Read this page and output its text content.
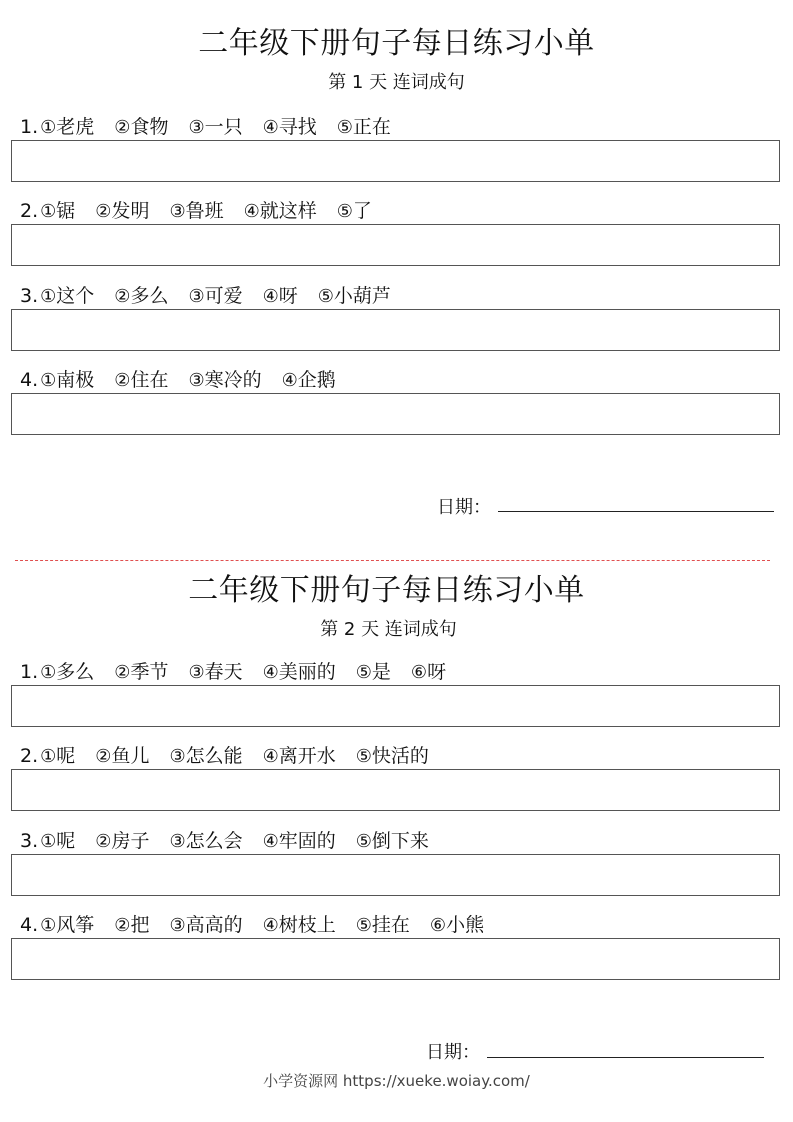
二年级下册句子每日练习小单
第 1 天 连词成句
1. ①老虎 ②食物 ③一只 ④寻找 ⑤正在
2. ①锯 ②发明 ③鲁班 ④就这样 ⑤了
3. ①这个 ②多么 ③可爱 ④呀 ⑤小葫芦
4. ①南极 ②住在 ③寒冷的 ④企鹅
日期：
二年级下册句子每日练习小单
第 2 天 连词成句
1. ①多么 ②季节 ③春天 ④美丽的 ⑤是 ⑥呀
2. ①呢 ②鱼儿 ③怎么能 ④离开水 ⑤快活的
3. ①呢 ②房子 ③怎么会 ④牢固的 ⑤倒下来
4. ①风筝 ②把 ③高高的 ④树枝上 ⑤挂在 ⑥小熊
日期：
小学资源网 https://xueke.woiay.com/
